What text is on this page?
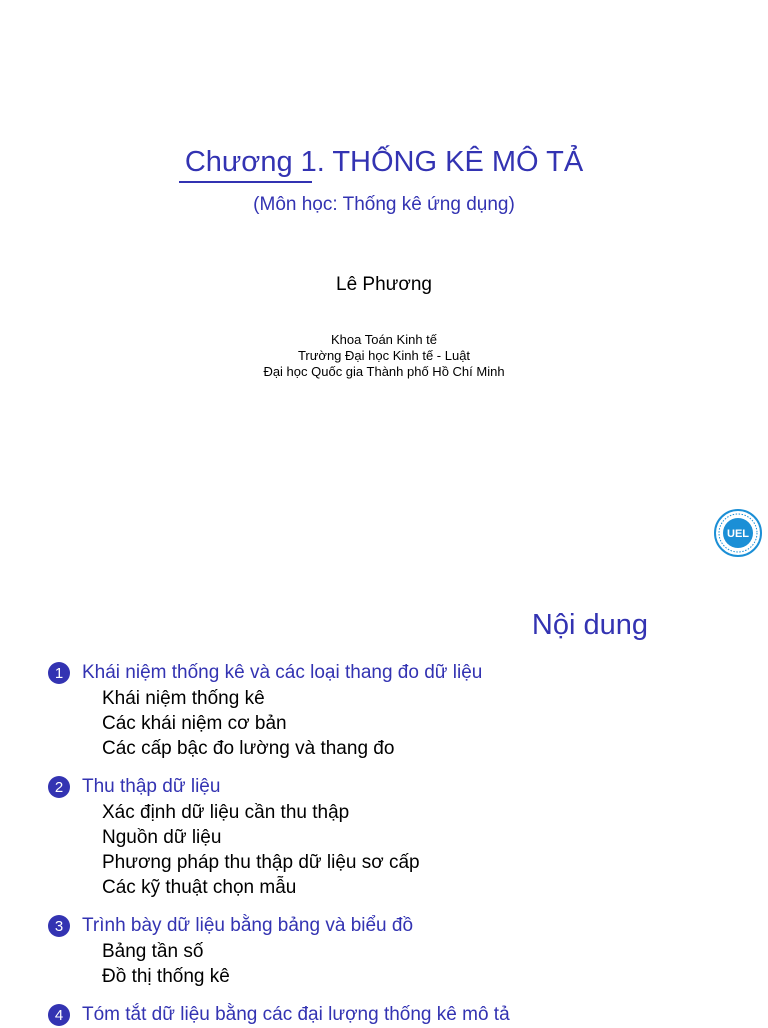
Chương 1. THỐNG KÊ MÔ TẢ
(Môn học: Thống kê ứng dụng)
Lê Phương
Khoa Toán Kinh tế
Trường Đại học Kinh tế - Luật
Đại học Quốc gia Thành phố Hồ Chí Minh
UEL
Nội dung
1 Khái niệm thống kê và các loại thang đo dữ liệu
Khái niệm thống kê
Các khái niệm cơ bản
Các cấp bậc đo lường và thang đo
2 Thu thập dữ liệu
Xác định dữ liệu cần thu thập
Nguồn dữ liệu
Phương pháp thu thập dữ liệu sơ cấp
Các kỹ thuật chọn mẫu
3 Trình bày dữ liệu bằng bảng và biểu đồ
Bảng tần số
Đồ thị thống kê
4 Tóm tắt dữ liệu bằng các đại lượng thống kê mô tả
